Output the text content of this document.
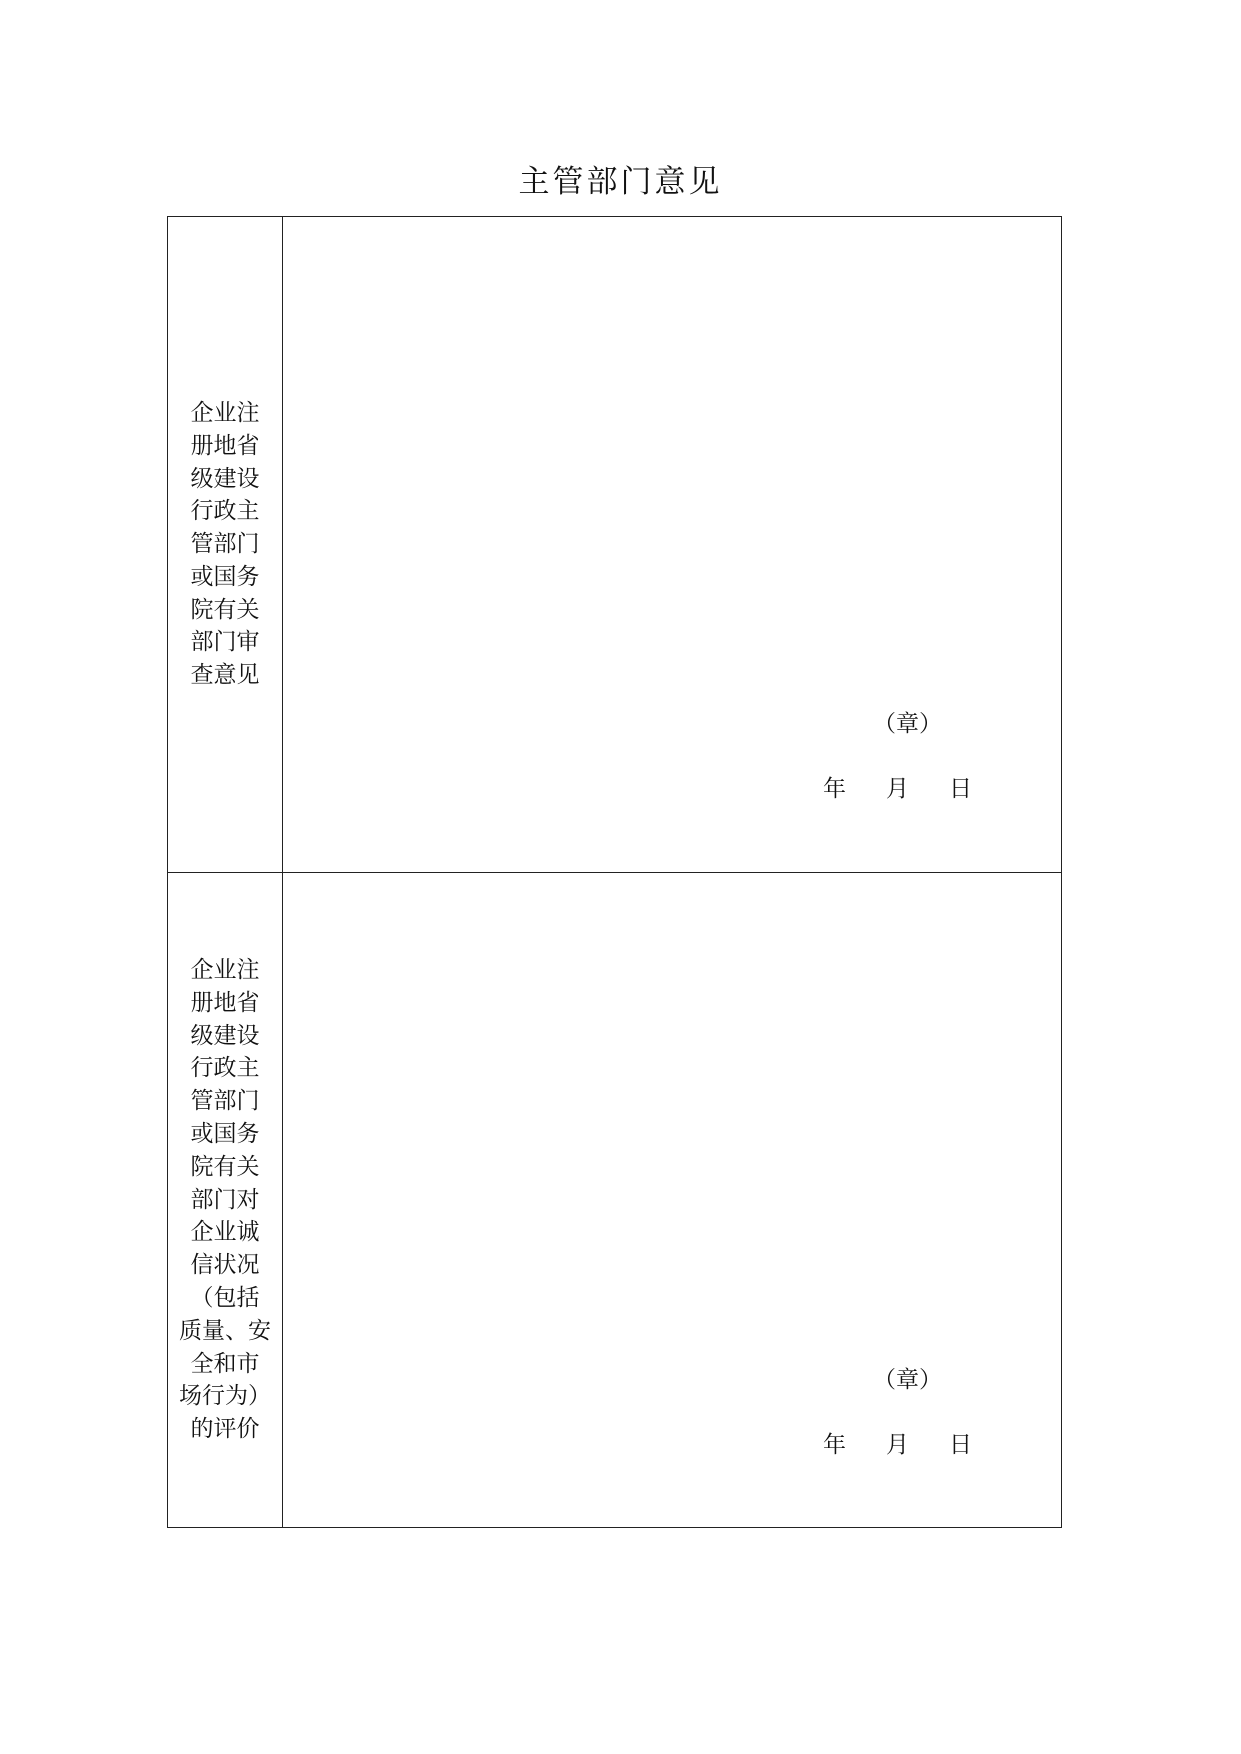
主管部门意见
企业注
册地省
级建设
行政主
管部门
或国务
院有关
部门审
查意见
（章）
年 月 日
企业注
册地省
级建设
行政主
管部门
或国务
院有关
部门对
企业诚
信状况
（包括
质量、安
全和市
场行为）
的评价
（章）
年 月 日
